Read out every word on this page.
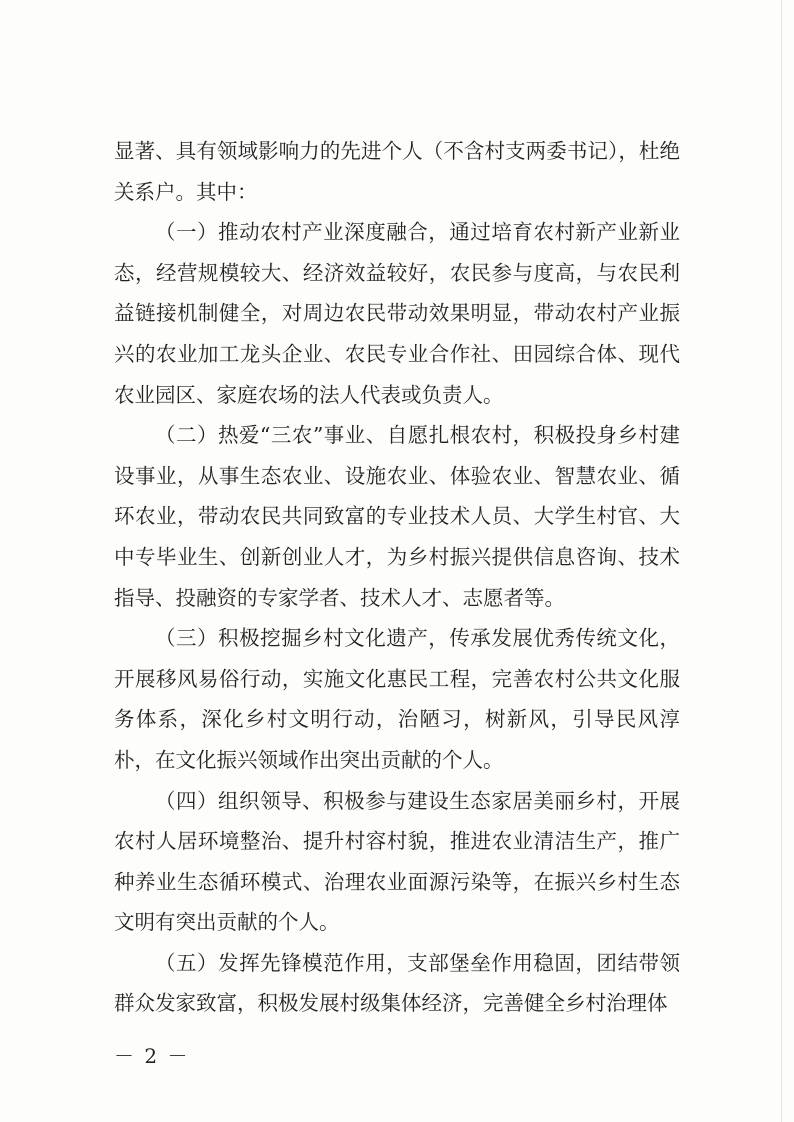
显著、具有领域影响力的先进个人（不含村支两委书记），杜绝关系户。其中：

（一）推动农村产业深度融合，通过培育农村新产业新业态，经营规模较大、经济效益较好，农民参与度高，与农民利益链接机制健全，对周边农民带动效果明显，带动农村产业振兴的农业加工龙头企业、农民专业合作社、田园综合体、现代农业园区、家庭农场的法人代表或负责人。

（二）热爱“三农”事业、自愿扎根农村，积极投身乡村建设事业，从事生态农业、设施农业、体验农业、智慧农业、循环农业，带动农民共同致富的专业技术人员、大学生村官、大中专毕业生、创新创业人才，为乡村振兴提供信息咨询、技术指导、投融资的专家学者、技术人才、志愿者等。

（三）积极挖掘乡村文化遗产，传承发展优秀传统文化，开展移风易俗行动，实施文化惠民工程，完善农村公共文化服务体系，深化乡村文明行动，治陋习，树新风，引导民风淳朴，在文化振兴领域作出突出贡献的个人。

（四）组织领导、积极参与建设生态家居美丽乡村，开展农村人居环境整治、提升村容村貌，推进农业清洁生产，推广种养业生态循环模式、治理农业面源污染等，在振兴乡村生态文明有突出贡献的个人。

（五）发挥先锋模范作用，支部堡垒作用稳固，团结带领群众发家致富，积极发展村级集体经济，完善健全乡村治理体

－ 2 －
